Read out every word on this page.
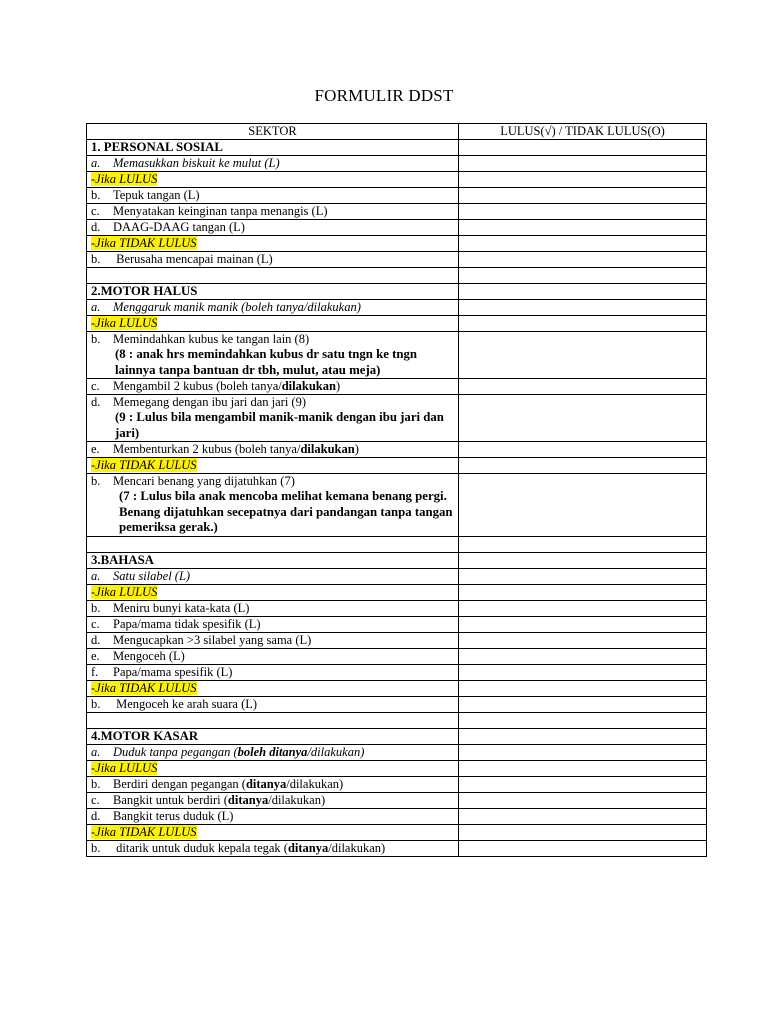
FORMULIR DDST
SEKTOR	LULUS(√) / TIDAK LULUS(O)
1. PERSONAL SOSIAL	
a. Memasukkan biskuit ke mulut (L)	
-Jika LULUS	
b. Tepuk tangan (L)	
c. Menyatakan keinginan tanpa menangis (L)	
d. DAAG-DAAG tangan (L)	
-Jika TIDAK LULUS	
b. Berusaha mencapai mainan (L)	

2.MOTOR HALUS	
a. Menggaruk manik manik (boleh tanya/dilakukan)	
-Jika LULUS	
b. Memindahkan kubus ke tangan lain (8)
(8 : anak hrs memindahkan kubus dr satu tngn ke tngn lainnya tanpa bantuan dr tbh, mulut, atau meja)	

c. Mengambil 2 kubus (boleh tanya/dilakukan)	
d. Memegang dengan ibu jari dan jari (9)
(9 : Lulus bila mengambil manik-manik dengan ibu jari dan jari)	

e. Membenturkan 2 kubus (boleh tanya/dilakukan)	
-Jika TIDAK LULUS	
b. Mencari benang yang dijatuhkan (7)
(7 : Lulus bila anak mencoba melihat kemana benang pergi. Benang dijatuhkan secepatnya dari pandangan tanpa tangan pemeriksa gerak.)	

3.BAHASA	
a. Satu silabel (L)	
-Jika LULUS	
b. Meniru bunyi kata-kata (L)	
c. Papa/mama tidak spesifik (L)	
d. Mengucapkan >3 silabel yang sama (L)	
e. Mengoceh (L)	
f. Papa/mama spesifik (L)	
-Jika TIDAK LULUS	
b. Mengoceh ke arah suara (L)	

4.MOTOR KASAR	
a. Duduk tanpa pegangan (boleh ditanya/dilakukan)	
-Jika LULUS	
b. Berdiri dengan pegangan (ditanya/dilakukan)	
c. Bangkit untuk berdiri (ditanya/dilakukan)	
d. Bangkit terus duduk (L)	
-Jika TIDAK LULUS	
b. ditarik untuk duduk kepala tegak (ditanya/dilakukan)	
